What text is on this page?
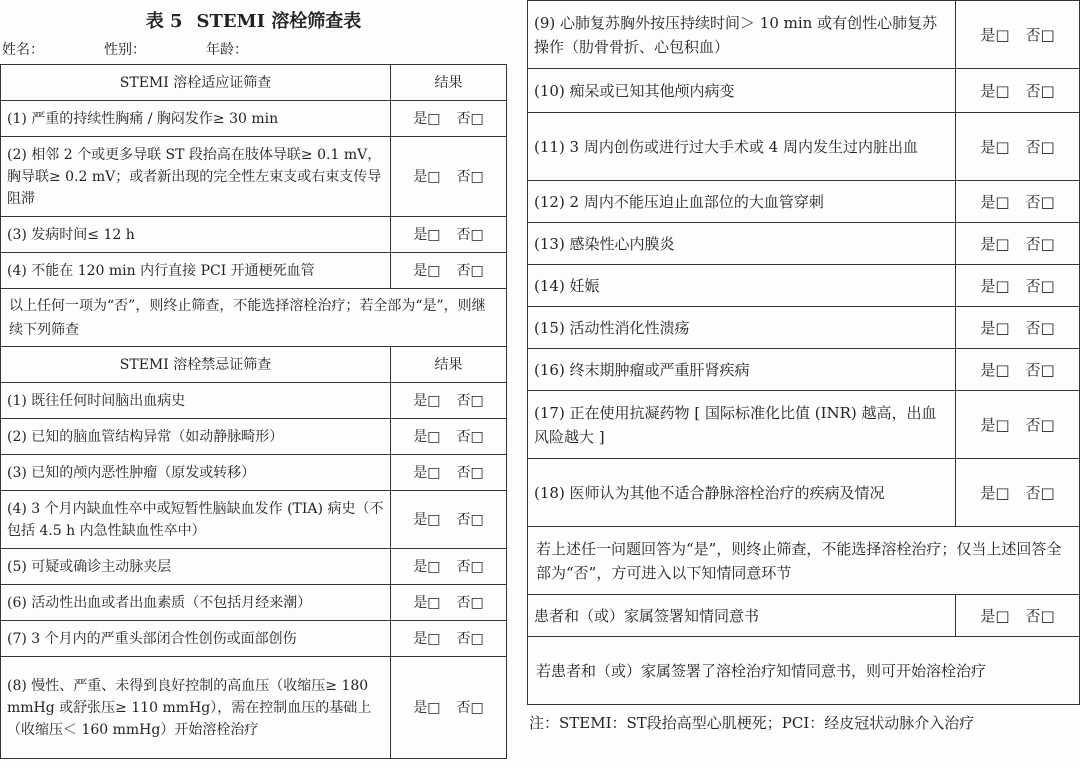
表 5 STEMI 溶栓筛查表
姓名：	性别：	年龄：
STEMI 溶栓适应证筛查	结果
(1) 严重的持续性胸痛 / 胸闷发作≥ 30 min	是□ 否□
(2) 相邻 2 个或更多导联 ST 段抬高在肢体导联≥ 0.1 mV，胸导联≥ 0.2 mV；或者新出现的完全性左束支或右束支传导阻滞	是□ 否□
(3) 发病时间≤ 12 h	是□ 否□
(4) 不能在 120 min 内行直接 PCI 开通梗死血管	是□ 否□
以上任何一项为“否”，则终止筛查，不能选择溶栓治疗；若全部为“是”，则继续下列筛查	
STEMI 溶栓禁忌证筛查	结果
(1) 既往任何时间脑出血病史	是□ 否□
(2) 已知的脑血管结构异常（如动静脉畸形）	是□ 否□
(3) 已知的颅内恶性肿瘤（原发或转移）	是□ 否□
(4) 3 个月内缺血性卒中或短暂性脑缺血发作 (TIA) 病史（不包括 4.5 h 内急性缺血性卒中）	是□ 否□
(5) 可疑或确诊主动脉夹层	是□ 否□
(6) 活动性出血或者出血素质（不包括月经来潮）	是□ 否□
(7) 3 个月内的严重头部闭合性创伤或面部创伤	是□ 否□
(8) 慢性、严重、未得到良好控制的高血压（收缩压≥ 180 mmHg 或舒张压≥ 110 mmHg），需在控制血压的基础上（收缩压＜ 160 mmHg）开始溶栓治疗	是□ 否□
(9) 心肺复苏胸外按压持续时间＞ 10 min 或有创性心肺复苏操作（肋骨骨折、心包积血）	是□ 否□
(10) 痴呆或已知其他颅内病变	是□ 否□
(11) 3 周内创伤或进行过大手术或 4 周内发生过内脏出血	是□ 否□
(12) 2 周内不能压迫止血部位的大血管穿刺	是□ 否□
(13) 感染性心内膜炎	是□ 否□
(14) 妊娠	是□ 否□
(15) 活动性消化性溃疡	是□ 否□
(16) 终末期肿瘤或严重肝肾疾病	是□ 否□
(17) 正在使用抗凝药物 [ 国际标准化比值 (INR) 越高，出血风险越大 ]	是□ 否□
(18) 医师认为其他不适合静脉溶栓治疗的疾病及情况	是□ 否□
若上述任一问题回答为“是”，则终止筛查，不能选择溶栓治疗；仅当上述回答全部为“否”，方可进入以下知情同意环节	
患者和（或）家属签署知情同意书	是□ 否□
若患者和（或）家属签署了溶栓治疗知情同意书，则可开始溶栓治疗	
注：STEMI：ST段抬高型心肌梗死；PCI：经皮冠状动脉介入治疗
